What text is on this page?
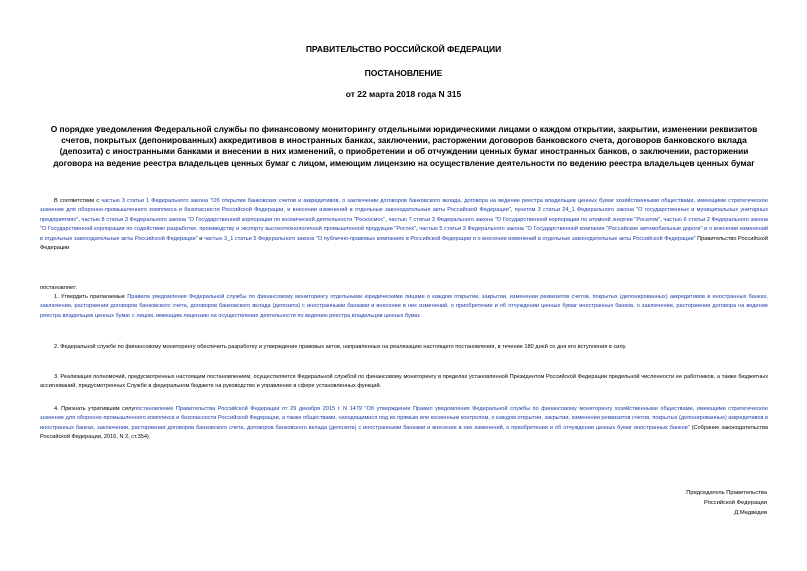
ПРАВИТЕЛЬСТВО РОССИЙСКОЙ ФЕДЕРАЦИИ
ПОСТАНОВЛЕНИЕ
от 22 марта 2018 года N 315
О порядке уведомления Федеральной службы по финансовому мониторингу отдельными юридическими лицами о каждом открытии, закрытии, изменении реквизитов счетов, покрытых (депонированных) аккредитивов в иностранных банках, заключении, расторжении договоров банковского счета, договоров банковского вклада (депозита) с иностранными банками и внесении в них изменений, о приобретении и об отчуждении ценных бумаг иностранных банков, о заключении, расторжении договора на ведение реестра владельцев ценных бумаг с лицом, имеющим лицензию на осуществление деятельности по ведению реестра владельцев ценных бумаг

В соответствии с частью 3 статьи 1 Федерального закона "Об открытии банковских счетов и аккредитивов, о заключении договоров банковского вклада, договора на ведение реестра владельцев ценных бумаг хозяйственными обществами, имеющими стратегическое значение для оборонно-промышленного комплекса и безопасности Российской Федерации, и внесении изменений в отдельные законодательные акты Российской Федерации", пунктом 3 статьи 24_1 Федерального закона "О государственных и муниципальных унитарных предприятиях", частью 8 статьи 3 Федерального закона "О Государственной корпорации по космической деятельности "Роскосмос", частью 7 статьи 3 Федерального закона "О Государственной корпорации по атомной энергии "Росатом", частью 6 статьи 2 Федерального закона "О Государственной корпорации по содействию разработке, производству и экспорту высокотехнологичной промышленной продукции "Ростех", частью 5 статьи 3 Федерального закона "О Государственной компании "Российские автомобильные дороги" и о внесении изменений в отдельные законодательные акты Российской Федерации" и частью 3_1 статьи 5 Федерального закона "О публично-правовых компаниях в Российской Федерации и о внесении изменений в отдельные законодательные акты Российской Федерации" Правительство Российской Федерации

постановляет:

1. Утвердить прилагаемые Правила уведомления Федеральной службы по финансовому мониторингу отдельными юридическими лицами о каждом открытии, закрытии, изменении реквизитов счетов, покрытых (депонированных) аккредитивов в иностранных банках, заключении, расторжении договоров банковского счета, договоров банковского вклада (депозита) с иностранными банками и внесении в них изменений, о приобретении и об отчуждении ценных бумаг иностранных банков, о заключении, расторжении договора на ведение реестра владельцев ценных бумаг с лицом, имеющим лицензию на осуществление деятельности по ведению реестра владельцев ценных бумаг.

2. Федеральной службе по финансовому мониторингу обеспечить разработку и утверждение правовых актов, направленных на реализацию настоящего постановления, в течение 180 дней со дня его вступления в силу.

3. Реализация полномочий, предусмотренных настоящим постановлением, осуществляется Федеральной службой по финансовому мониторингу в пределах установленной Президентом Российской Федерации предельной численности ее работников, а также бюджетных ассигнований, предусмотренных Службе в федеральном бюджете на руководство и управление в сфере установленных функций.

4. Признать утратившим силупостановление Правительства Российской Федерации от 29 декабря 2015 г. N 1479 "Об утверждении Правил уведомления Федеральной службы по финансовому мониторингу хозяйственными обществами, имеющими стратегическое значение для оборонно-промышленного комплекса и безопасности Российской Федерации, а также обществами, находящимися под их прямым или косвенным контролем, о каждом открытии, закрытии, изменении реквизитов счетов, покрытых (депонированных) аккредитивов в иностранных банках, заключении, расторжении договоров банковского счета, договоров банковского вклада (депозита) с иностранными банками и внесении в них изменений, о приобретении и об отчуждении ценных бумаг иностранных банков" (Собрание законодательства Российской Федерации, 2016, N 2, ст.354).

Председатель Правительства
Российской Федерации
Д.Медведев
